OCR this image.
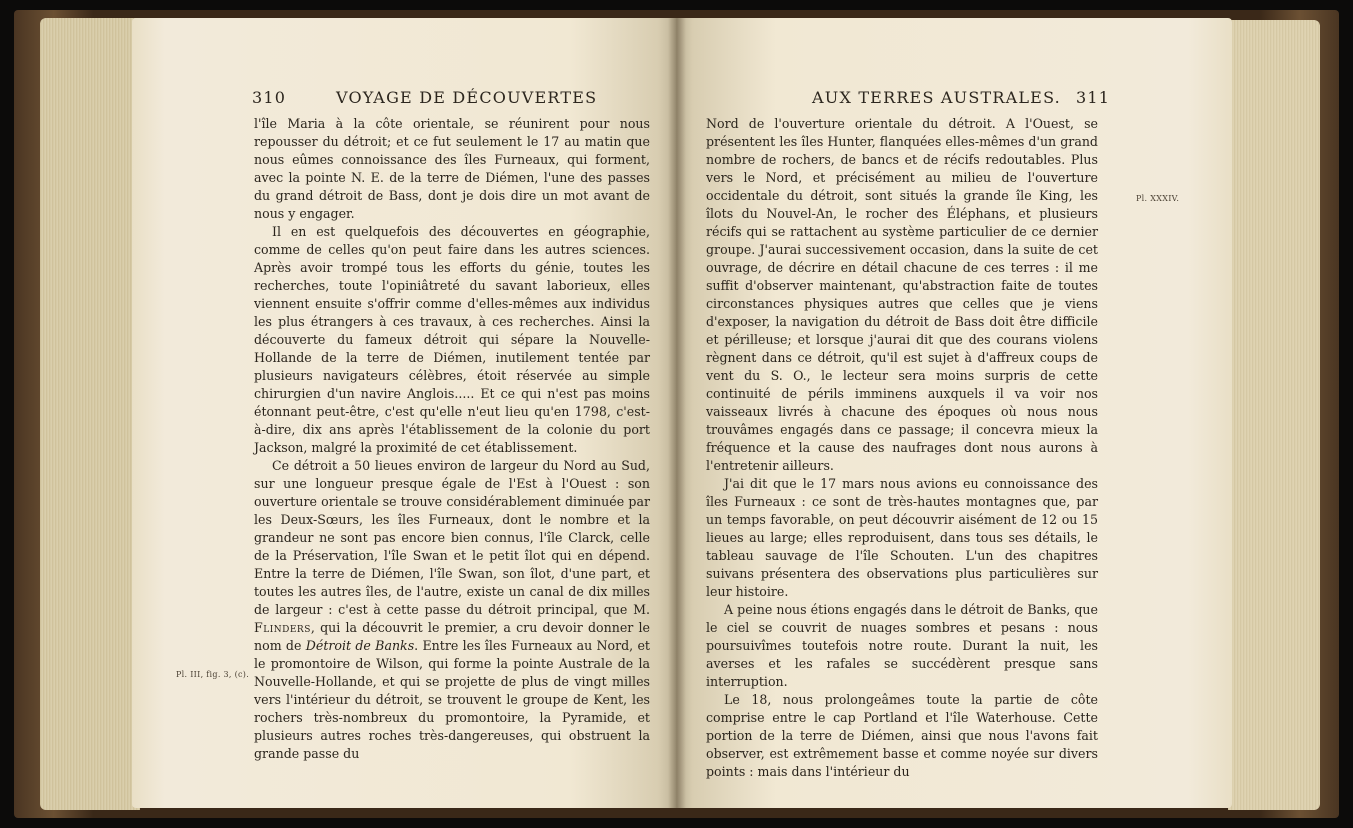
310	VOYAGE DE DÉCOUVERTES

l'île Maria à la côte orientale, se réunirent pour nous repousser du détroit; et ce fut seulement le 17 au matin que nous eûmes connoissance des îles Furneaux, qui forment, avec la pointe N. E. de la terre de Diémen, l'une des passes du grand détroit de Bass, dont je dois dire un mot avant de nous y engager.

Il en est quelquefois des découvertes en géographie, comme de celles qu'on peut faire dans les autres sciences. Après avoir trompé tous les efforts du génie, toutes les recherches, toute l'opiniâtreté du savant laborieux, elles viennent ensuite s'offrir comme d'elles-mêmes aux individus les plus étrangers à ces travaux, à ces recherches. Ainsi la découverte du fameux détroit qui sépare la Nouvelle-Hollande de la terre de Diémen, inutilement tentée par plusieurs navigateurs célèbres, étoit réservée au simple chirurgien d'un navire Anglois..... Et ce qui n'est pas moins étonnant peut-être, c'est qu'elle n'eut lieu qu'en 1798, c'est-à-dire, dix ans après l'établissement de la colonie du port Jackson, malgré la proximité de cet établissement.

Ce détroit a 50 lieues environ de largeur du Nord au Sud, sur une longueur presque égale de l'Est à l'Ouest : son ouverture orientale se trouve considérablement diminuée par les Deux-Sœurs, les îles Furneaux, dont le nombre et la grandeur ne sont pas encore bien connus, l'île Clarck, celle de la Préservation, l'île Swan et le petit îlot qui en dépend. Entre la terre de Diémen, l'île Swan, son îlot, d'une part, et toutes les autres îles, de l'autre, existe un canal de dix milles de largeur : c'est à cette passe du détroit principal, que M. Flinders, qui la découvrit le premier, a cru devoir donner le nom de Détroit de Banks. Entre les îles Furneaux au Nord, et le promontoire de Wilson, qui forme la pointe Australe de la Nouvelle-Hollande, et qui se projette de plus de vingt milles vers l'intérieur du détroit, se trouvent le groupe de Kent, les rochers très-nombreux du promontoire, la Pyramide, et plusieurs autres roches très-dangereuses, qui obstruent la grande passe du

Pl. III, fig. 3, (c).
AUX TERRES AUSTRALES. 311

Nord de l'ouverture orientale du détroit. A l'Ouest, se présentent les îles Hunter, flanquées elles-mêmes d'un grand nombre de rochers, de bancs et de récifs redoutables. Plus vers le Nord, et précisément au milieu de l'ouverture occidentale du détroit, sont situés la grande île King, les îlots du Nouvel-An, le rocher des Éléphans, et plusieurs récifs qui se rattachent au système particulier de ce dernier groupe. J'aurai successivement occasion, dans la suite de cet ouvrage, de décrire en détail chacune de ces terres : il me suffit d'observer maintenant, qu'abstraction faite de toutes circonstances physiques autres que celles que je viens d'exposer, la navigation du détroit de Bass doit être difficile et périlleuse; et lorsque j'aurai dit que des courans violens règnent dans ce détroit, qu'il est sujet à d'affreux coups de vent du S. O., le lecteur sera moins surpris de cette continuité de périls imminens auxquels il va voir nos vaisseaux livrés à chacune des époques où nous nous trouvâmes engagés dans ce passage; il concevra mieux la fréquence et la cause des naufrages dont nous aurons à l'entretenir ailleurs.

J'ai dit que le 17 mars nous avions eu connoissance des îles Furneaux : ce sont de très-hautes montagnes que, par un temps favorable, on peut découvrir aisément de 12 ou 15 lieues au large; elles reproduisent, dans tous ses détails, le tableau sauvage de l'île Schouten. L'un des chapitres suivans présentera des observations plus particulières sur leur histoire.

A peine nous étions engagés dans le détroit de Banks, que le ciel se couvrit de nuages sombres et pesans : nous poursuivîmes toutefois notre route. Durant la nuit, les averses et les rafales se succédèrent presque sans interruption.

Le 18, nous prolongeâmes toute la partie de côte comprise entre le cap Portland et l'île Waterhouse. Cette portion de la terre de Diémen, ainsi que nous l'avons fait observer, est extrêmement basse et comme noyée sur divers points : mais dans l'intérieur du

Pl. XXXIV.
